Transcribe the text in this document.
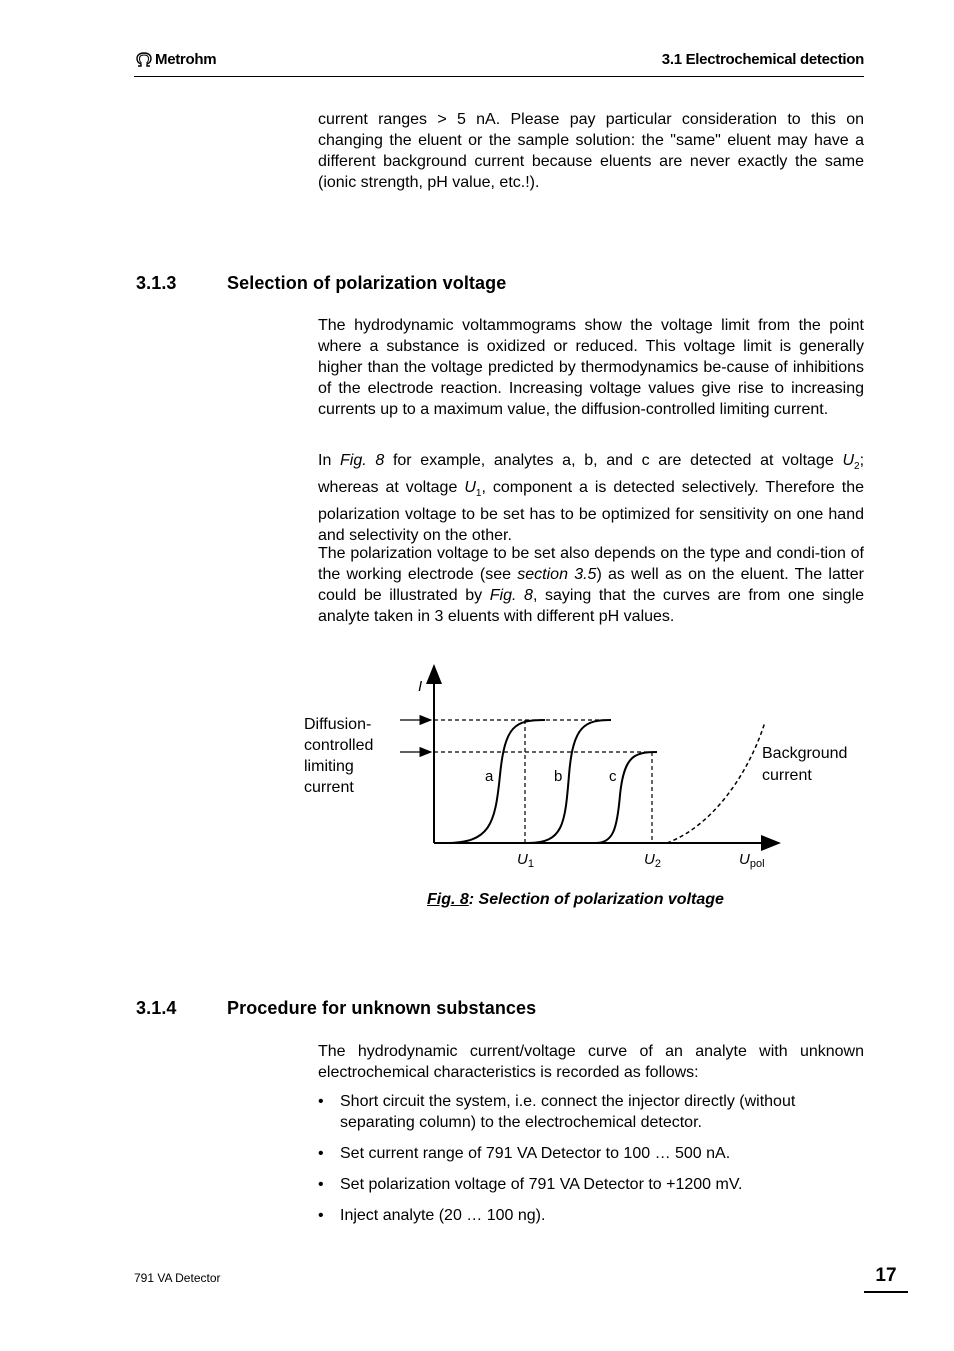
Metrohm	3.1 Electrochemical detection

current ranges > 5 nA. Please pay particular consideration to this on changing the eluent or the sample solution: the "same" eluent may have a different background current because eluents are never exactly the same (ionic strength, pH value, etc.!).

3.1.3	Selection of polarization voltage

The hydrodynamic voltammograms show the voltage limit from the point where a substance is oxidized or reduced. This voltage limit is generally higher than the voltage predicted by thermodynamics be-cause of inhibitions of the electrode reaction. Increasing voltage values give rise to increasing currents up to a maximum value, the diffusion-controlled limiting current.

In Fig. 8 for example, analytes a, b, and c are detected at voltage $U_2$; whereas at voltage $U_1$, component a is detected selectively. Therefore the polarization voltage to be set has to be optimized for sensitivity on one hand and selectivity on the other.

The polarization voltage to be set also depends on the type and condi-tion of the working electrode (see section 3.5) as well as on the eluent. The latter could be illustrated by Fig. 8, saying that the curves are from one single analyte taken in 3 eluents with different pH values.

I
Diffusion- controlled limiting current
a	b	c
Background current
$U_1$	$U_2$	$U_{pol}$
Fig. 8: Selection of polarization voltage
3.1.4	Procedure for unknown substances

The hydrodynamic current/voltage curve of an analyte with unknown electrochemical characteristics is recorded as follows:

• Short circuit the system, i.e. connect the injector directly (without separating column) to the electrochemical detector.
• Set current range of 791 VA Detector to 100 … 500 nA.
• Set polarization voltage of 791 VA Detector to +1200 mV.
• Inject analyte (20 … 100 ng).
791 VA Detector	17
